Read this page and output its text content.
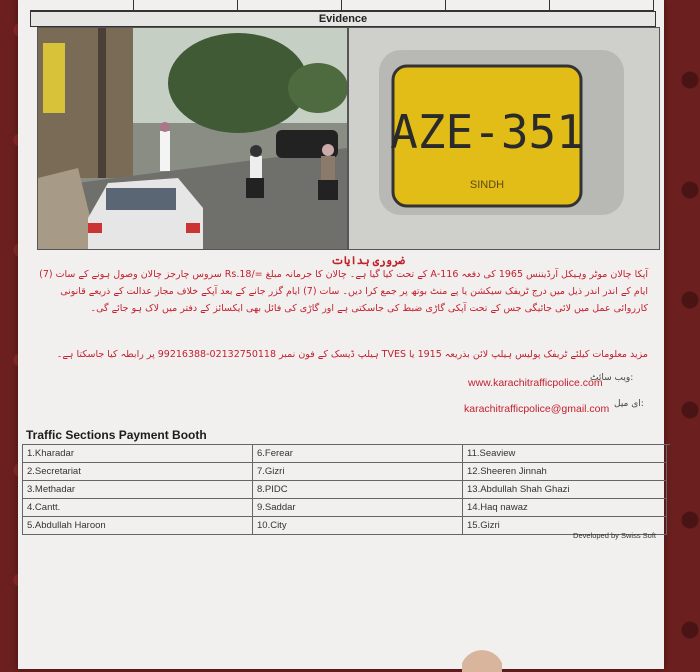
Evidence
AZE-351
SINDH
ضروری ہدایات
آپکا چالان موٹر وہیکل آرڈیننس 1965 کی دفعہ 116-A کے تحت کیا گیا ہے۔ چالان کا جرمانہ مبلغ =/Rs.18 سروس چارجز چالان وصول ہونے کے سات (7) ایام کے اندر اندر ذیل میں درج ٹریفک سیکشن یا پے منٹ بوتھ پر جمع کرا دیں۔ سات (7) ایام گزر جانے کے بعد آپکے خلاف مجاز عدالت کے ذریعے قانونی کارروائی عمل میں لائی جائیگی جس کے تحت آپکی گاڑی ضبط کی جاسکتی ہے اور گاڑی کی فائل بھی ایکسائز کے دفتر میں لاک ہو جائے گی۔
مزید معلومات کیلئے ٹریفک پولیس ہیلپ لائن بذریعہ 1915 یا TVES ہیلپ ڈیسک کے فون نمبر 02132750118-99216388 پر رابطہ کیا جاسکتا ہے۔
ویب سائٹ:
www.karachitrafficpolice.com
ای میل:
karachitrafficpolice@gmail.com
Traffic Sections Payment Booth
1.Kharadar	6.Ferear	11.Seaview
2.Secretariat	7.Gizri	12.Sheeren Jinnah
3.Methadar	8.PIDC	13.Abdullah Shah Ghazi
4.Cantt.	9.Saddar	14.Haq nawaz
5.Abdullah Haroon	10.City	15.Gizri
Developed by Swiss Soft
